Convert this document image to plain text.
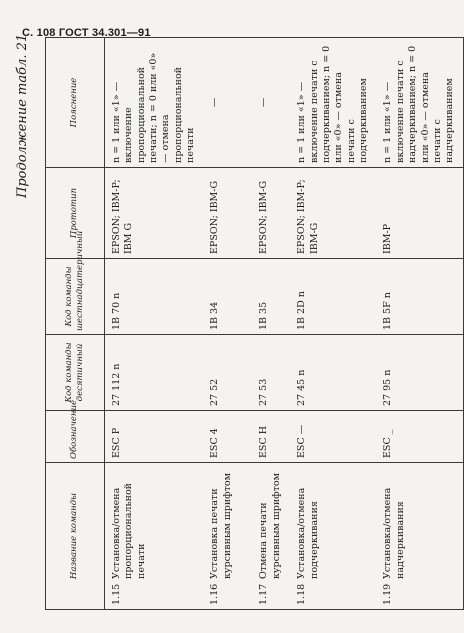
С. 108 ГОСТ 34.301—91
Продолжение табл. 21
Название команды	Обозначение	Код команды десятичный	Код команды шестнадцатеричный	Прототип	Пояснение
1.15Установка/отмена пропорциональной печати	ESC P	27 112 n	1В 70 n	EPSON; IBM-P; IBM G	n = 1 или «1» — включение пропорциональной печати; n = 0 или «0» — отмена пропорциональной печати
1.16Установка печати курсивным шрифтом	ESC 4	27 52	1В 34	EPSON; IBM-G	—
1.17Отмена печати курсивным шрифтом	ESC H	27 53	1В 35	EPSON; IBM-G	—
1.18Установка/отмена подчеркивания	ESC —	27 45 n	1В 2D n	EPSON; IBM-P; IBM-G	n = 1 или «1» — включение печати с подчеркиванием; n = 0 или «0» — отмена печати с подчеркиванием
1.19Установка/отмена надчеркивания	ESC _	27 95 n	1В 5F n	IBM-P	n = 1 или «1» — включение печати с надчеркиванием; n = 0 или «0» — отмена печати с надчеркиванием
